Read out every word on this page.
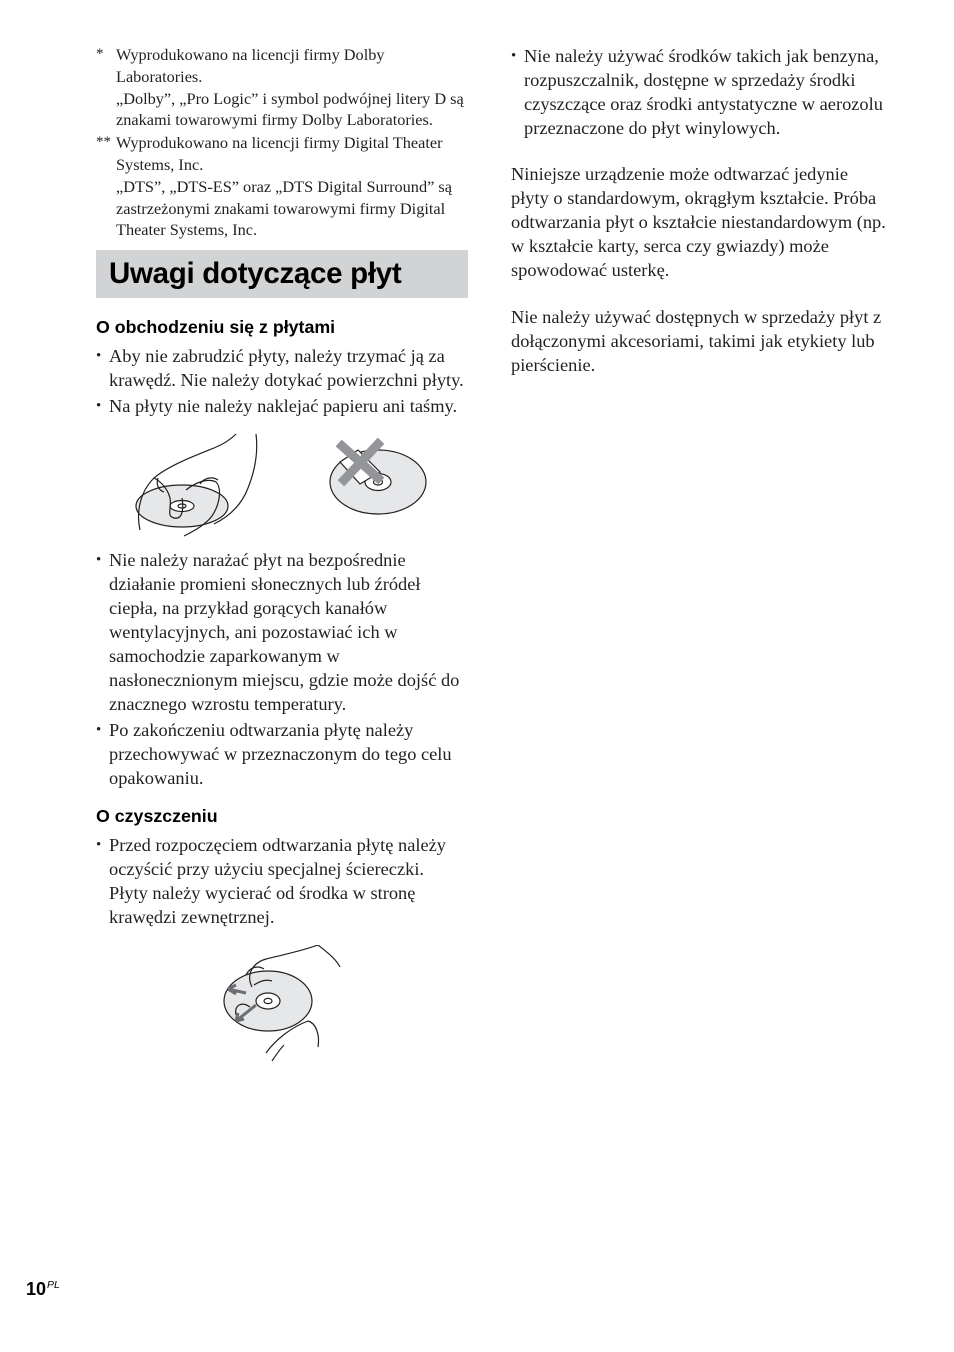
* Wyprodukowano na licencji firmy Dolby Laboratories.

„Dolby”, „Pro Logic” i symbol podwójnej litery D są znakami towarowymi firmy Dolby Laboratories.

** Wyprodukowano na licencji firmy Digital Theater Systems, Inc.

„DTS”, „DTS-ES” oraz „DTS Digital Surround” są zastrzeżonymi znakami towarowymi firmy Digital Theater Systems, Inc.

Uwagi dotyczące płyt
O obchodzeniu się z płytami
• Aby nie zabrudzić płyty, należy trzymać ją za krawędź. Nie należy dotykać powierzchni płyty.
• Na płyty nie należy naklejać papieru ani taśmy.
• Nie należy narażać płyt na bezpośrednie działanie promieni słonecznych lub źródeł ciepła, na przykład gorących kanałów wentylacyjnych, ani pozostawiać ich w samochodzie zaparkowanym w nasłonecznionym miejscu, gdzie może dojść do znacznego wzrostu temperatury.
• Po zakończeniu odtwarzania płytę należy przechowywać w przeznaczonym do tego celu opakowaniu.
O czyszczeniu

• Przed rozpoczęciem odtwarzania płytę należy oczyścić przy użyciu specjalnej ściereczki.

Płyty należy wycierać od środka w stronę krawędzi zewnętrznej.

• Nie należy używać środków takich jak benzyna, rozpuszczalnik, dostępne w sprzedaży środki czyszczące oraz środki antystatyczne w aerozolu przeznaczone do płyt winylowych.

Niniejsze urządzenie może odtwarzać jedynie płyty o standardowym, okrągłym kształcie. Próba odtwarzania płyt o kształcie niestandardowym (np. w kształcie karty, serca czy gwiazdy) może spowodować usterkę.

Nie należy używać dostępnych w sprzedaży płyt z dołączonymi akcesoriami, takimi jak etykiety lub pierścienie.

$10^{PL}$
